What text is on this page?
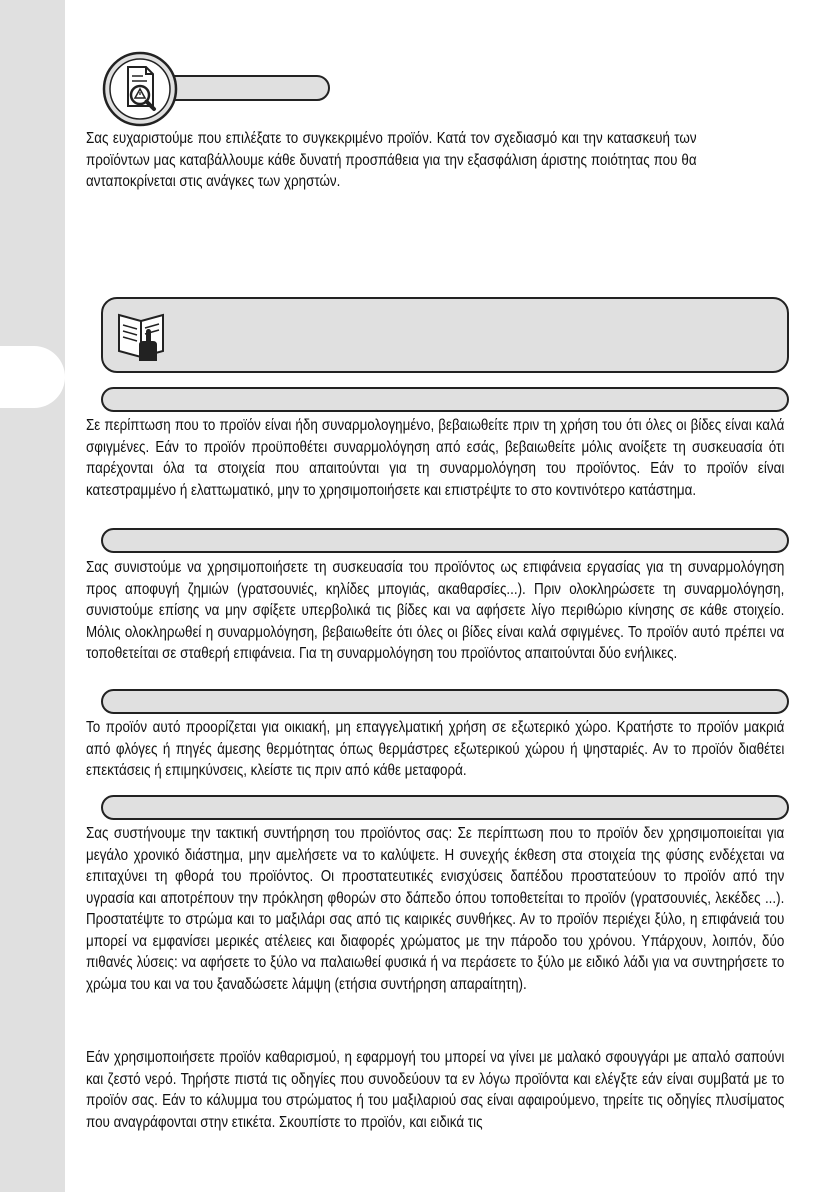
Σας ευχαριστούμε που επιλέξατε το συγκεκριμένο προϊόν. Κατά τον σχεδιασμό και την κατασκευή των προϊόντων μας καταβάλλουμε κάθε δυνατή προσπάθεια για την εξασφάλιση άριστης ποιότητας που θα ανταποκρίνεται στις ανάγκες των χρηστών.

Σε περίπτωση που το προϊόν είναι ήδη συναρμολογημένο, βεβαιωθείτε πριν τη χρήση του ότι όλες οι βίδες είναι καλά σφιγμένες. Εάν το προϊόν προϋποθέτει συναρμολόγηση από εσάς, βεβαιωθείτε μόλις ανοίξετε τη συσκευασία ότι παρέχονται όλα τα στοιχεία που απαιτούνται για τη συναρμολόγηση του προϊόντος. Εάν το προϊόν είναι κατεστραμμένο ή ελαττωματικό, μην το χρησιμοποιήσετε και επιστρέψτε το στο κοντινότερο κατάστημα.

Σας συνιστούμε να χρησιμοποιήσετε τη συσκευασία του προϊόντος ως επιφάνεια εργασίας για τη συναρμολόγηση προς αποφυγή ζημιών (γρατσουνιές, κηλίδες μπογιάς, ακαθαρσίες...). Πριν ολοκληρώσετε τη συναρμολόγηση, συνιστούμε επίσης να μην σφίξετε υπερβολικά τις βίδες και να αφήσετε λίγο περιθώριο κίνησης σε κάθε στοιχείο. Μόλις ολοκληρωθεί η συναρμολόγηση, βεβαιωθείτε ότι όλες οι βίδες είναι καλά σφιγμένες. Το προϊόν αυτό πρέπει να τοποθετείται σε σταθερή επιφάνεια. Για τη συναρμολόγηση του προϊόντος απαιτούνται δύο ενήλικες.

Το προϊόν αυτό προορίζεται για οικιακή, μη επαγγελματική χρήση σε εξωτερικό χώρο. Κρατήστε το προϊόν μακριά από φλόγες ή πηγές άμεσης θερμότητας όπως θερμάστρες εξωτερικού χώρου ή ψησταριές. Αν το προϊόν διαθέτει επεκτάσεις ή επιμηκύνσεις, κλείστε τις πριν από κάθε μεταφορά.

Σας συστήνουμε την τακτική συντήρηση του προϊόντος σας: Σε περίπτωση που το προϊόν δεν χρησιμοποιείται για μεγάλο χρονικό διάστημα, μην αμελήσετε να το καλύψετε. Η συνεχής έκθεση στα στοιχεία της φύσης ενδέχεται να επιταχύνει τη φθορά του προϊόντος. Οι προστατευτικές ενισχύσεις δαπέδου προστατεύουν το προϊόν από την υγρασία και αποτρέπουν την πρόκληση φθορών στο δάπεδο όπου τοποθετείται το προϊόν (γρατσουνιές, λεκέδες ...). Προστατέψτε το στρώμα και το μαξιλάρι σας από τις καιρικές συνθήκες. Αν το προϊόν περιέχει ξύλο, η επιφάνειά του μπορεί να εμφανίσει μερικές ατέλειες και διαφορές χρώματος με την πάροδο του χρόνου. Υπάρχουν, λοιπόν, δύο πιθανές λύσεις: να αφήσετε το ξύλο να παλαιωθεί φυσικά ή να περάσετε το ξύλο με ειδικό λάδι για να συντηρήσετε το χρώμα του και να του ξαναδώσετε λάμψη (ετήσια συντήρηση απαραίτητη).

Εάν χρησιμοποιήσετε προϊόν καθαρισμού, η εφαρμογή του μπορεί να γίνει με μαλακό σφουγγάρι με απαλό σαπούνι και ζεστό νερό. Τηρήστε πιστά τις οδηγίες που συνοδεύουν τα εν λόγω προϊόντα και ελέγξτε εάν είναι συμβατά με το προϊόν σας. Εάν το κάλυμμα του στρώματος ή του μαξιλαριού σας είναι αφαιρούμενο, τηρείτε τις οδηγίες πλυσίματος που αναγράφονται στην ετικέτα. Σκουπίστε το προϊόν, και ειδικά τις
